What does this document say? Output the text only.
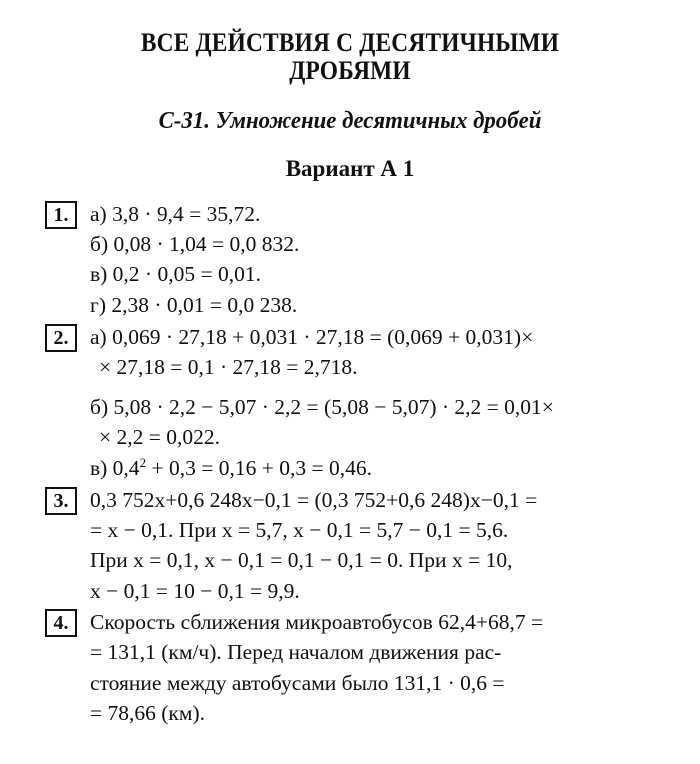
ВСЕ ДЕЙСТВИЯ С ДЕСЯТИЧНЫМИ
ДРОБЯМИ
С-31. Умножение десятичных дробей
Вариант А 1
1.	а) 3,8 · 9,4 = 35,72.
б) 0,08 · 1,04 = 0,0 832.
в) 0,2 · 0,05 = 0,01.
г) 2,38 · 0,01 = 0,0 238.
2.	а) 0,069 · 27,18 + 0,031 · 27,18 = (0,069 + 0,031)×
× 27,18 = 0,1 · 27,18 = 2,718.
б) 5,08 · 2,2 − 5,07 · 2,2 = (5,08 − 5,07) · 2,2 = 0,01×
× 2,2 = 0,022.
в) $0,4^2 + 0,3 = 0,16 + 0,3 = 0,46$.
3.	0,3 752x+0,6 248x−0,1 = (0,3 752+0,6 248)x−0,1 =
= x − 0,1. При x = 5,7, x − 0,1 = 5,7 − 0,1 = 5,6.
При x = 0,1, x − 0,1 = 0,1 − 0,1 = 0. При x = 10,
x − 0,1 = 10 − 0,1 = 9,9.
4.	Скорость сближения микроавтобусов 62,4+68,7 =
= 131,1 (км/ч). Перед началом движения рас-
стояние между автобусами было 131,1 · 0,6 =
= 78,66 (км).
